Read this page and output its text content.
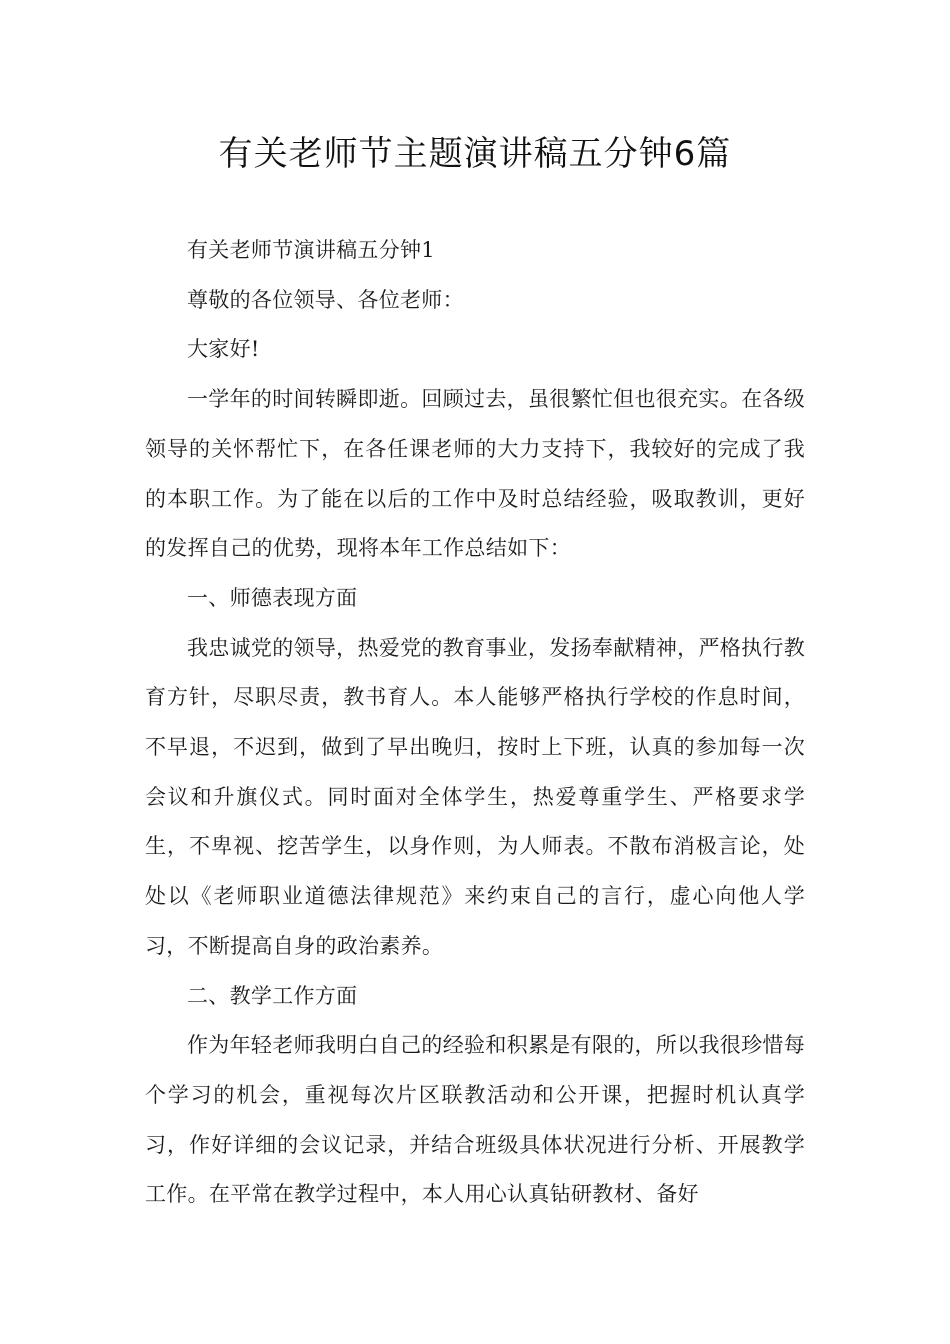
有关老师节主题演讲稿五分钟6篇

有关老师节演讲稿五分钟1

尊敬的各位领导、各位老师：

大家好!

一学年的时间转瞬即逝。回顾过去，虽很繁忙但也很充实。在各级领导的关怀帮忙下，在各任课老师的大力支持下，我较好的完成了我的本职工作。为了能在以后的工作中及时总结经验，吸取教训，更好的发挥自己的优势，现将本年工作总结如下：

一、师德表现方面

我忠诚党的领导，热爱党的教育事业，发扬奉献精神，严格执行教育方针，尽职尽责，教书育人。本人能够严格执行学校的作息时间，不早退，不迟到，做到了早出晚归，按时上下班，认真的参加每一次会议和升旗仪式。同时面对全体学生，热爱尊重学生、严格要求学生，不卑视、挖苦学生，以身作则，为人师表。不散布消极言论，处处以《老师职业道德法律规范》来约束自己的言行，虚心向他人学习，不断提高自身的政治素养。

二、教学工作方面

作为年轻老师我明白自己的经验和积累是有限的，所以我很珍惜每个学习的机会，重视每次片区联教活动和公开课，把握时机认真学习，作好详细的会议记录，并结合班级具体状况进行分析、开展教学工作。在平常在教学过程中，本人用心认真钻研教材、备好
